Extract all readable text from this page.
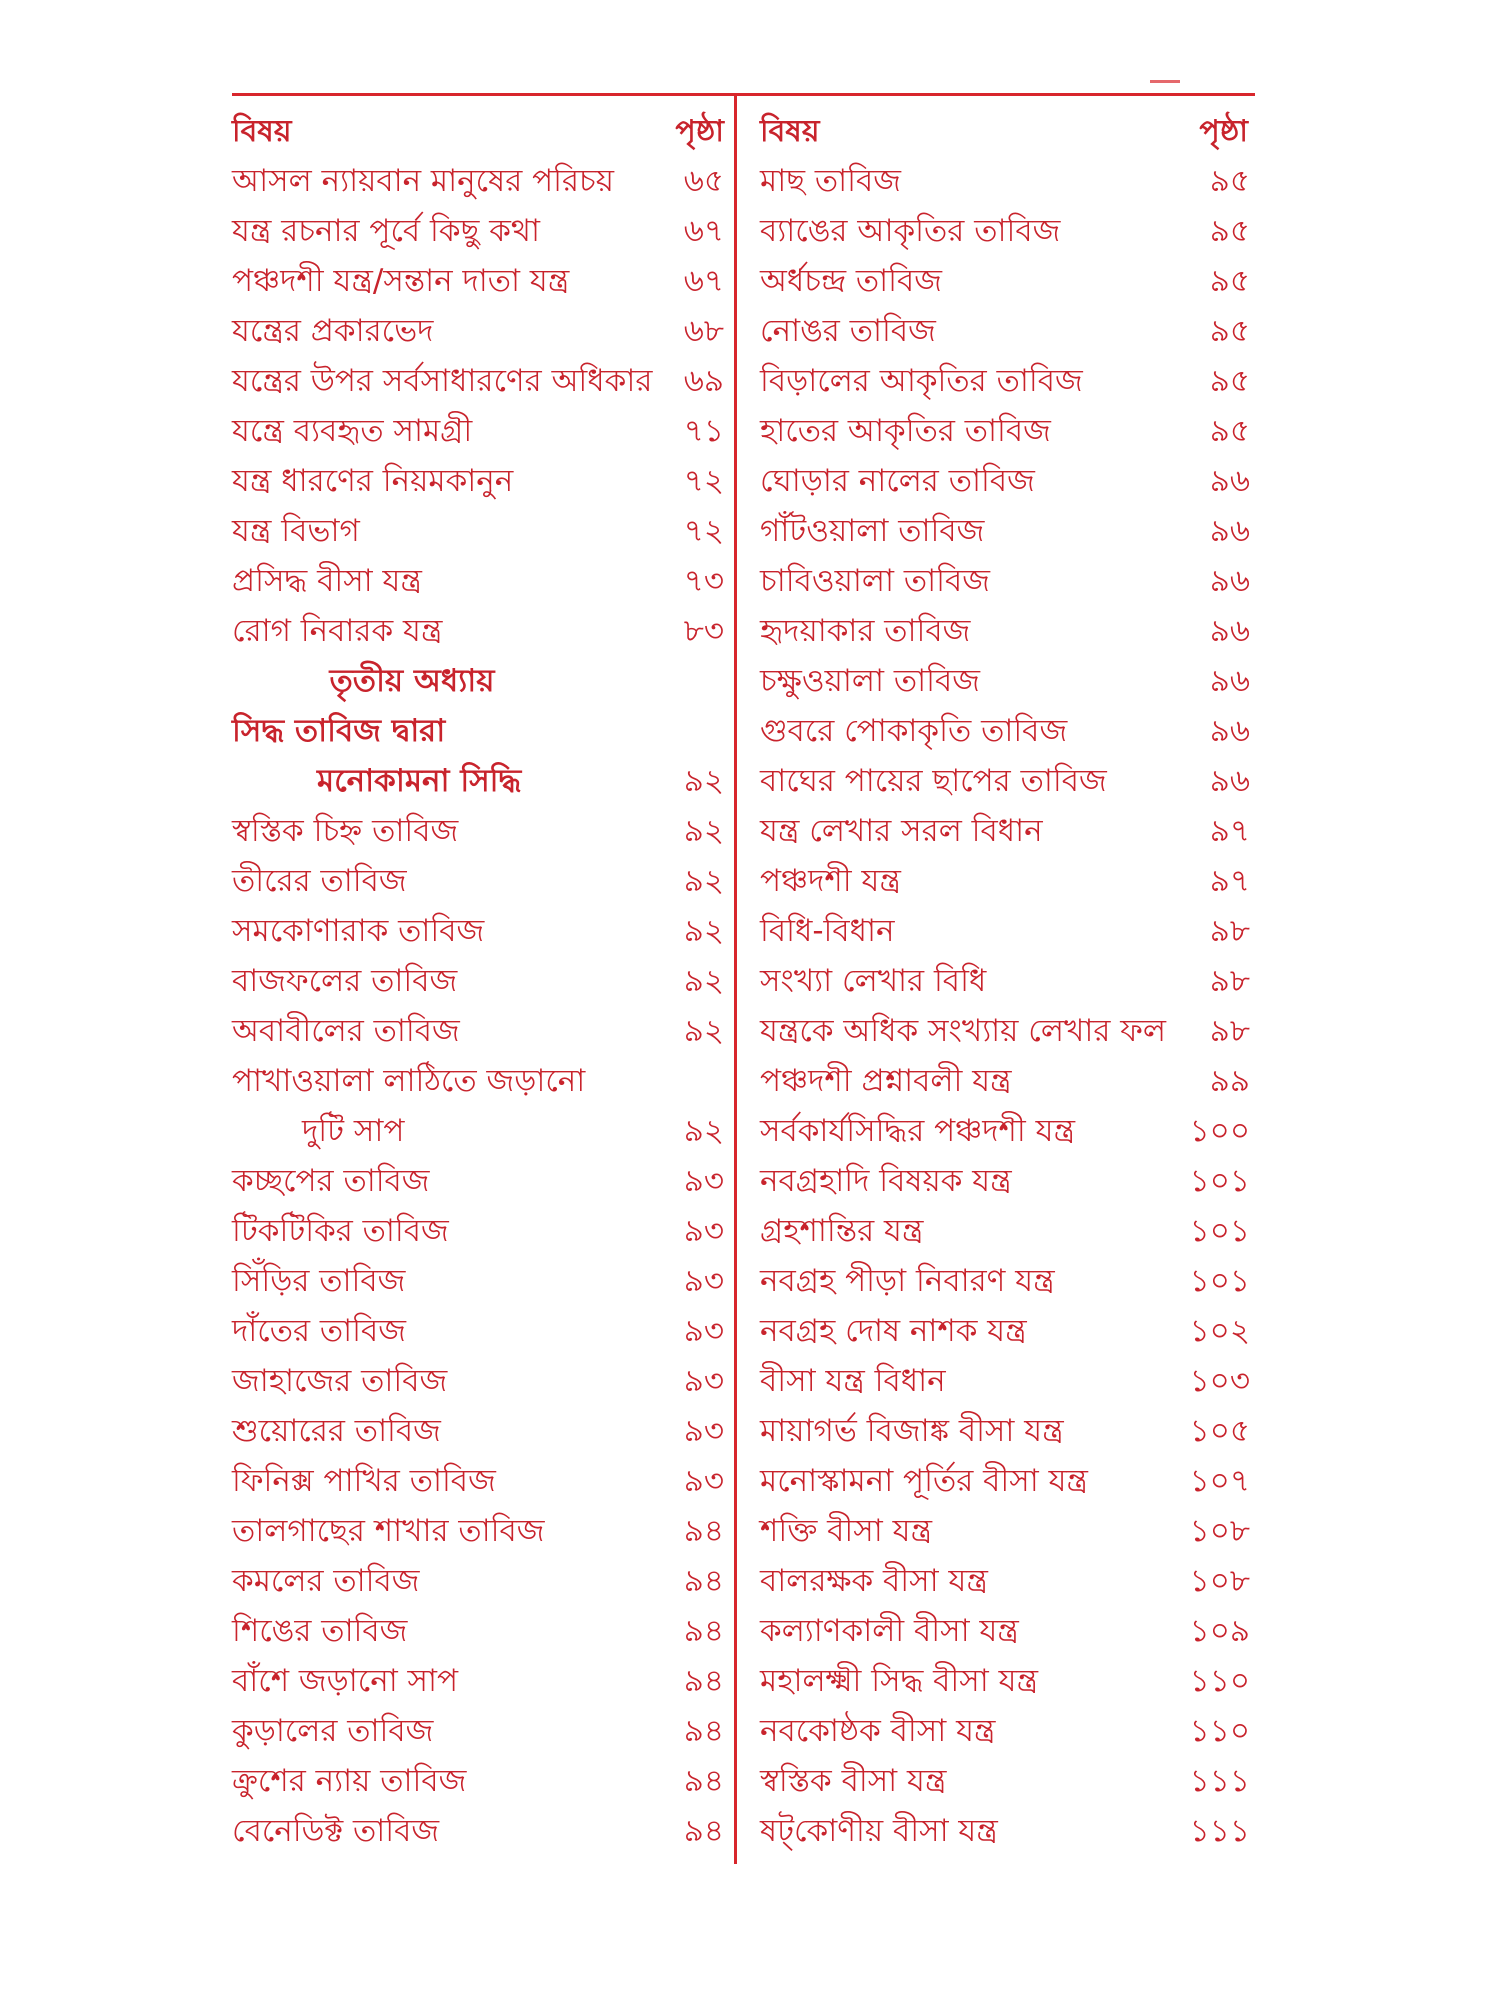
বিষয়	পৃষ্ঠা
আসল ন্যায়বান মানুষের পরিচয়	৬৫
যন্ত্র রচনার পূর্বে কিছু কথা	৬৭
পঞ্চদশী যন্ত্র/সন্তান দাতা যন্ত্র	৬৭
যন্ত্রের প্রকারভেদ	৬৮
যন্ত্রের উপর সর্বসাধারণের অধিকার	৬৯
যন্ত্রে ব্যবহৃত সামগ্রী	৭১
যন্ত্র ধারণের নিয়মকানুন	৭২
যন্ত্র বিভাগ	৭২
প্রসিদ্ধ বীসা যন্ত্র	৭৩
রোগ নিবারক যন্ত্র	৮৩
তৃতীয় অধ্যায়
সিদ্ধ তাবিজ দ্বারা
মনোকামনা সিদ্ধি	৯২
স্বস্তিক চিহ্ন তাবিজ	৯২
তীরের তাবিজ	৯২
সমকোণারাক তাবিজ	৯২
বাজফলের তাবিজ	৯২
অবাবীলের তাবিজ	৯২
পাখাওয়ালা লাঠিতে জড়ানো
দুটি সাপ	৯২
কচ্ছপের তাবিজ	৯৩
টিকটিকির তাবিজ	৯৩
সিঁড়ির তাবিজ	৯৩
দাঁতের তাবিজ	৯৩
জাহাজের তাবিজ	৯৩
শুয়োরের তাবিজ	৯৩
ফিনিক্স পাখির তাবিজ	৯৩
তালগাছের শাখার তাবিজ	৯৪
কমলের তাবিজ	৯৪
শিঙের তাবিজ	৯৪
বাঁশে জড়ানো সাপ	৯৪
কুড়ালের তাবিজ	৯৪
ক্রুশের ন্যায় তাবিজ	৯৪
বেনেডিক্ট তাবিজ	৯৪
বিষয়	পৃষ্ঠা
মাছ তাবিজ	৯৫
ব্যাঙের আকৃতির তাবিজ	৯৫
অর্ধচন্দ্র তাবিজ	৯৫
নোঙর তাবিজ	৯৫
বিড়ালের আকৃতির তাবিজ	৯৫
হাতের আকৃতির তাবিজ	৯৫
ঘোড়ার নালের তাবিজ	৯৬
গাঁটওয়ালা তাবিজ	৯৬
চাবিওয়ালা তাবিজ	৯৬
হৃদয়াকার তাবিজ	৯৬
চক্ষুওয়ালা তাবিজ	৯৬
গুবরে পোকাকৃতি তাবিজ	৯৬
বাঘের পায়ের ছাপের তাবিজ	৯৬
যন্ত্র লেখার সরল বিধান	৯৭
পঞ্চদশী যন্ত্র	৯৭
বিধি-বিধান	৯৮
সংখ্যা লেখার বিধি	৯৮
যন্ত্রকে অধিক সংখ্যায় লেখার ফল	৯৮
পঞ্চদশী প্রশ্নাবলী যন্ত্র	৯৯
সর্বকার্যসিদ্ধির পঞ্চদশী যন্ত্র	১০০
নবগ্রহাদি বিষয়ক যন্ত্র	১০১
গ্রহশান্তির যন্ত্র	১০১
নবগ্রহ পীড়া নিবারণ যন্ত্র	১০১
নবগ্রহ দোষ নাশক যন্ত্র	১০২
বীসা যন্ত্র বিধান	১০৩
মায়াগর্ভ বিজাঙ্ক বীসা যন্ত্র	১০৫
মনোস্কামনা পূর্তির বীসা যন্ত্র	১০৭
শক্তি বীসা যন্ত্র	১০৮
বালরক্ষক বীসা যন্ত্র	১০৮
কল্যাণকালী বীসা যন্ত্র	১০৯
মহালক্ষ্মী সিদ্ধ বীসা যন্ত্র	১১০
নবকোষ্ঠক বীসা যন্ত্র	১১০
স্বস্তিক বীসা যন্ত্র	১১১
ষট্‌কোণীয় বীসা যন্ত্র	১১১
